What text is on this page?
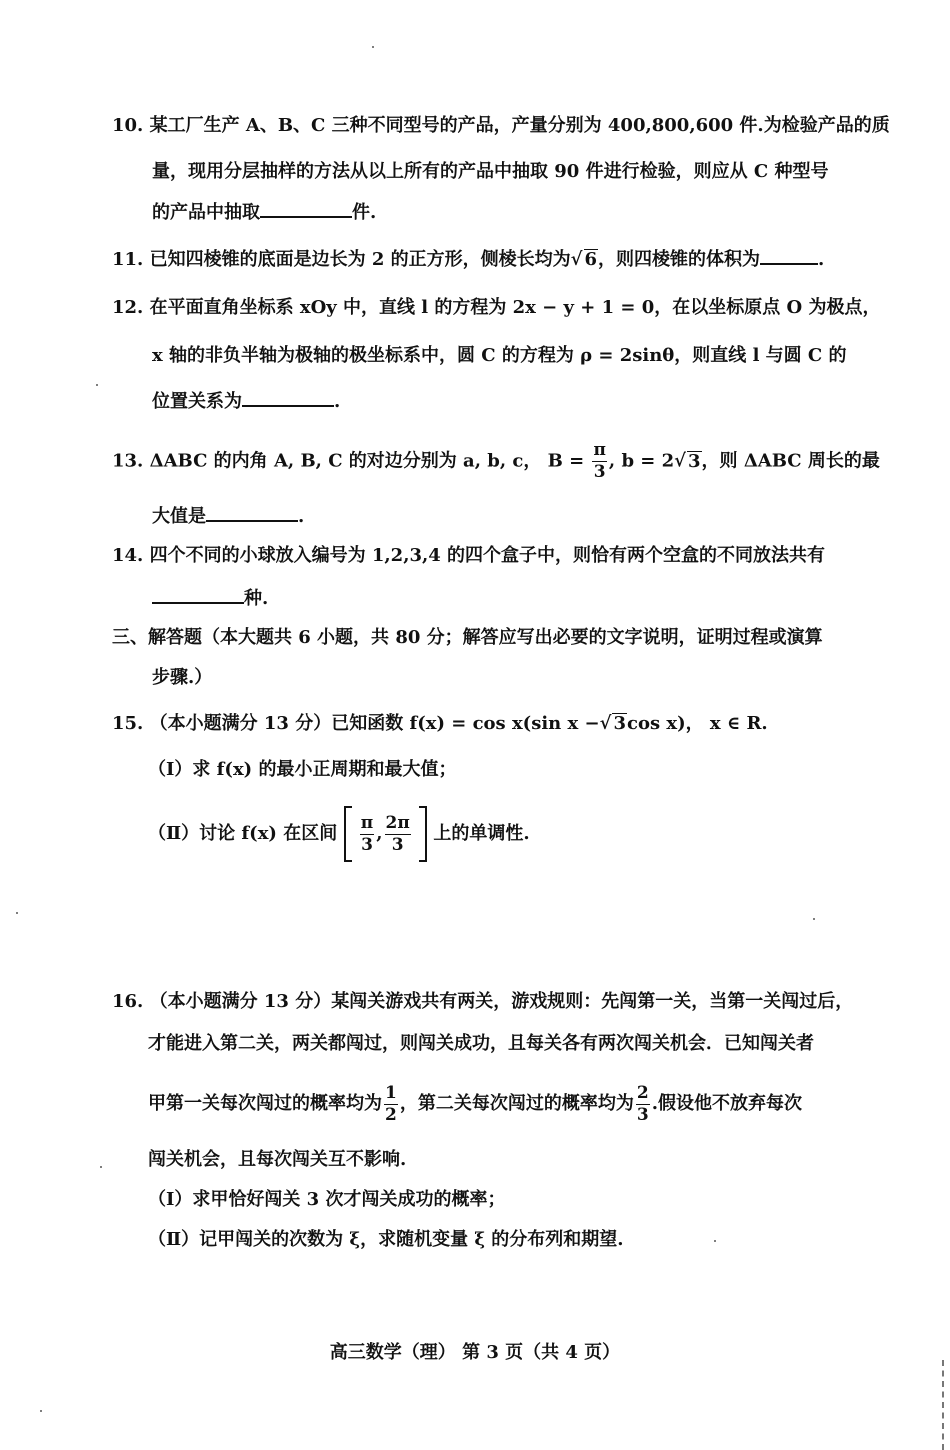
10. 某工厂生产 A、B、C 三种不同型号的产品，产量分别为 400,800,600 件.为检验产品的质
量，现用分层抽样的方法从以上所有的产品中抽取 90 件进行检验，则应从 C 种型号
的产品中抽取	件.
11. 已知四棱锥的底面是边长为 2 的正方形，侧棱长均为√ 6，则四棱锥的体积为	.
12. 在平面直角坐标系 xOy 中，直线 l 的方程为 2x − y + 1 = 0，在以坐标原点 O 为极点，
x 轴的非负半轴为极轴的极坐标系中，圆 C 的方程为 ρ = 2sinθ，则直线 l 与圆 C 的
位置关系为	.
13. ΔABC 的内角 A, B, C 的对边分别为 a, b, c， $B = \frac{\pi}{3}$ , b = 2√ 3，则 ΔABC 周长的最
大值是	.
14. 四个不同的小球放入编号为 1,2,3,4 的四个盒子中，则恰有两个空盒的不同放法共有
种.
三、解答题（本大题共 6 小题，共 80 分；解答应写出必要的文字说明，证明过程或演算
步骤.）
15. （本小题满分 13 分）已知函数 f(x) = cos x(sin x −√ 3cos x)， x ∈ R.
（Ⅰ）求 f(x) 的最小正周期和最大值；
（Ⅱ）讨论 f(x) 在区间 $\frac{\pi}{3}$ , $\frac{2\pi}{3}$ 上的单调性.
16. （本小题满分 13 分）某闯关游戏共有两关，游戏规则：先闯第一关，当第一关闯过后，
才能进入第二关，两关都闯过，则闯关成功，且每关各有两次闯关机会．已知闯关者
甲第一关每次闯过的概率均为 $\frac{1}{2}$ ，第二关每次闯过的概率均为 $\frac{2}{3}$ .假设他不放弃每次
闯关机会，且每次闯关互不影响.
（Ⅰ）求甲恰好闯关 3 次才闯关成功的概率；
（Ⅱ）记甲闯关的次数为 ξ，求随机变量 ξ 的分布列和期望.
高三数学（理） 第 3 页（共 4 页）
